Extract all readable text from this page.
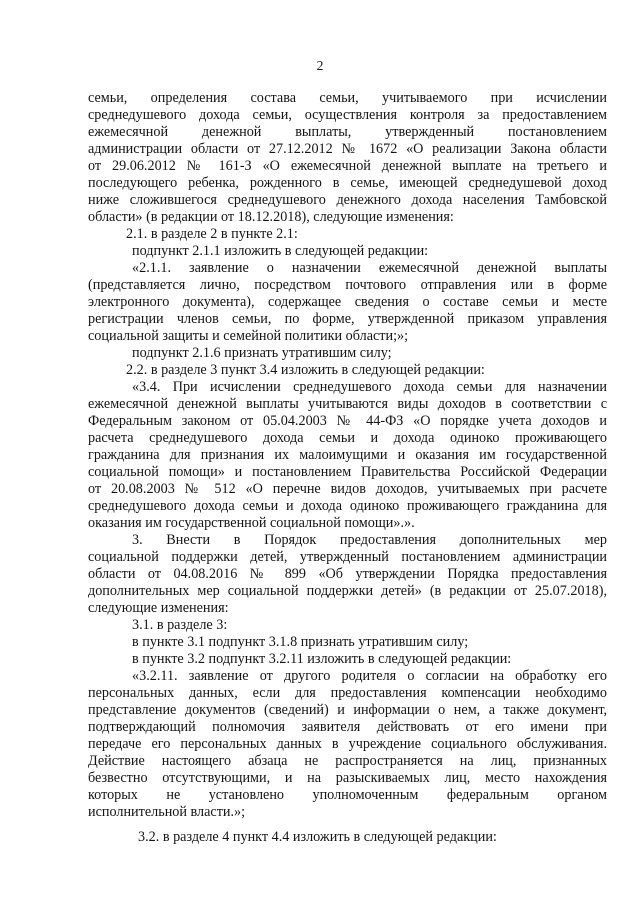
2

семьи, определения состава семьи, учитываемого при исчислении

среднедушевого дохода семьи, осуществления контроля за предоставлением

ежемесячной денежной выплаты, утвержденный постановлением

администрации области от 27.12.2012 № 1672 «О реализации Закона области

от 29.06.2012 № 161-З «О ежемесячной денежной выплате на третьего и

последующего ребенка, рожденного в семье, имеющей среднедушевой доход

ниже сложившегося среднедушевого денежного дохода населения Тамбовской

области» (в редакции от 18.12.2018), следующие изменения:

2.1. в разделе 2 в пункте 2.1:

подпункт 2.1.1 изложить в следующей редакции:

«2.1.1. заявление о назначении ежемесячной денежной выплаты

(представляется лично, посредством почтового отправления или в форме

электронного документа), содержащее сведения о составе семьи и месте

регистрации членов семьи, по форме, утвержденной приказом управления

социальной защиты и семейной политики области;»;

подпункт 2.1.6 признать утратившим силу;

2.2. в разделе 3 пункт 3.4 изложить в следующей редакции:

«3.4. При исчислении среднедушевого дохода семьи для назначении

ежемесячной денежной выплаты учитываются виды доходов в соответствии с

Федеральным законом от 05.04.2003 № 44-ФЗ «О порядке учета доходов и

расчета среднедушевого дохода семьи и дохода одиноко проживающего

гражданина для признания их малоимущими и оказания им государственной

социальной помощи» и постановлением Правительства Российской Федерации

от 20.08.2003 № 512 «О перечне видов доходов, учитываемых при расчете

среднедушевого дохода семьи и дохода одиноко проживающего гражданина для

оказания им государственной социальной помощи».».

3. Внести в Порядок предоставления дополнительных мер

социальной поддержки детей, утвержденный постановлением администрации

области от 04.08.2016 № 899 «Об утверждении Порядка предоставления

дополнительных мер социальной поддержки детей» (в редакции от 25.07.2018),

следующие изменения:

3.1. в разделе 3:

в пункте 3.1 подпункт 3.1.8 признать утратившим силу;

в пункте 3.2 подпункт 3.2.11 изложить в следующей редакции:

«3.2.11. заявление от другого родителя о согласии на обработку его

персональных данных, если для предоставления компенсации необходимо

представление документов (сведений) и информации о нем, а также документ,

подтверждающий полномочия заявителя действовать от его имени при

передаче его персональных данных в учреждение социального обслуживания.

Действие настоящего абзаца не распространяется на лиц, признанных

безвестно отсутствующими, и на разыскиваемых лиц, место нахождения

которых не установлено уполномоченным федеральным органом

исполнительной власти.»;

3.2. в разделе 4 пункт 4.4 изложить в следующей редакции:
